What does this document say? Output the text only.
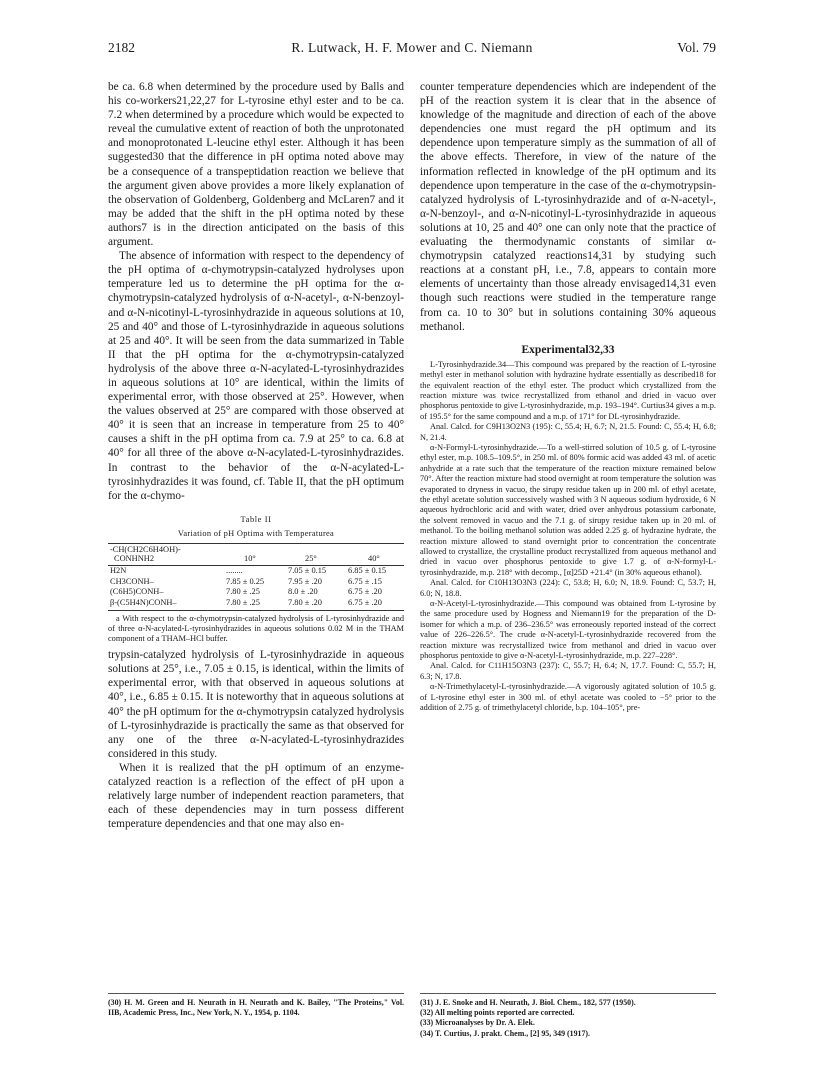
2182	R. Lutwack, H. F. Mower and C. Niemann	Vol. 79

be ca. 6.8 when determined by the procedure used by Balls and his co-workers21,22,27 for L-tyrosine ethyl ester and to be ca. 7.2 when determined by a procedure which would be expected to reveal the cumulative extent of reaction of both the unprotonated and monoprotonated L-leucine ethyl ester. Although it has been suggested30 that the difference in pH optima noted above may be a consequence of a transpeptidation reaction we believe that the argument given above provides a more likely explanation of the observation of Goldenberg, Goldenberg and McLaren7 and it may be added that the shift in the pH optima noted by these authors7 is in the direction anticipated on the basis of this argument.

The absence of information with respect to the dependency of the pH optima of α-chymotrypsin-catalyzed hydrolyses upon temperature led us to determine the pH optima for the α-chymotrypsin-catalyzed hydrolysis of α-N-acetyl-, α-N-benzoyl- and α-N-nicotinyl-L-tyrosinhydrazide in aqueous solutions at 10, 25 and 40° and those of L-tyrosinhydrazide in aqueous solutions at 25 and 40°. It will be seen from the data summarized in Table II that the pH optima for the α-chymotrypsin-catalyzed hydrolysis of the above three α-N-acylated-L-tyrosinhydrazides in aqueous solutions at 10° are identical, within the limits of experimental error, with those observed at 25°. However, when the values observed at 25° are compared with those observed at 40° it is seen that an increase in temperature from 25 to 40° causes a shift in the pH optima from ca. 7.9 at 25° to ca. 6.8 at 40° for all three of the above α-N-acylated-L-tyrosinhydrazides. In contrast to the behavior of the α-N-acylated-L-tyrosinhydrazides it was found, cf. Table II, that the pH optimum for the α-chymo-

Table II
Variation of pH Optima with Temperaturea
-CH(CH2C6H4OH)-
CONHNH2	10°	25°	40°
H2N	........	7.05 ± 0.15	6.85 ± 0.15
CH3CONH–	7.85 ± 0.25	7.95 ± .20	6.75 ± .15
(C6H5)CONH–	7.80 ± .25	8.0 ± .20	6.75 ± .20
β-(C5H4N)CONH–	7.80 ± .25	7.80 ± .20	6.75 ± .20

a With respect to the α-chymotrypsin-catalyzed hydrolysis of L-tyrosinhydrazide and of three α-N-acylated-L-tyrosinhydrazides in aqueous solutions 0.02 M in the THAM component of a THAM–HCl buffer.

trypsin-catalyzed hydrolysis of L-tyrosinhydrazide in aqueous solutions at 25°, i.e., 7.05 ± 0.15, is identical, within the limits of experimental error, with that observed in aqueous solutions at 40°, i.e., 6.85 ± 0.15. It is noteworthy that in aqueous solutions at 40° the pH optimum for the α-chymotrypsin catalyzed hydrolysis of L-tyrosinhydrazide is practically the same as that observed for any one of the three α-N-acylated-L-tyrosinhydrazides considered in this study.

When it is realized that the pH optimum of an enzyme-catalyzed reaction is a reflection of the effect of pH upon a relatively large number of independent reaction parameters, that each of these dependencies may in turn possess different temperature dependencies and that one may also en-

counter temperature dependencies which are independent of the pH of the reaction system it is clear that in the absence of knowledge of the magnitude and direction of each of the above dependencies one must regard the pH optimum and its dependence upon temperature simply as the summation of all of the above effects. Therefore, in view of the nature of the information reflected in knowledge of the pH optimum and its dependence upon temperature in the case of the α-chymotrypsin-catalyzed hydrolysis of L-tyrosinhydrazide and of α-N-acetyl-, α-N-benzoyl-, and α-N-nicotinyl-L-tyrosinhydrazide in aqueous solutions at 10, 25 and 40° one can only note that the practice of evaluating the thermodynamic constants of similar α-chymotrypsin catalyzed reactions14,31 by studying such reactions at a constant pH, i.e., 7.8, appears to contain more elements of uncertainty than those already envisaged14,31 even though such reactions were studied in the temperature range from ca. 10 to 30° but in solutions containing 30% aqueous methanol.

Experimental32,33

L-Tyrosinhydrazide.34—This compound was prepared by the reaction of L-tyrosine methyl ester in methanol solution with hydrazine hydrate essentially as described18 for the equivalent reaction of the ethyl ester. The product which crystallized from the reaction mixture was twice recrystallized from ethanol and dried in vacuo over phosphorus pentoxide to give L-tyrosinhydrazide, m.p. 193–194°. Curtius34 gives a m.p. of 195.5° for the same compound and a m.p. of 171° for DL-tyrosinhydrazide.

Anal. Calcd. for C9H13O2N3 (195): C, 55.4; H, 6.7; N, 21.5. Found: C, 55.4; H, 6.8; N, 21.4.

α-N-Formyl-L-tyrosinhydrazide.—To a well-stirred solution of 10.5 g. of L-tyrosine ethyl ester, m.p. 108.5–109.5°, in 250 ml. of 80% formic acid was added 43 ml. of acetic anhydride at a rate such that the temperature of the reaction mixture remained below 70°. After the reaction mixture had stood overnight at room temperature the solution was evaporated to dryness in vacuo, the sirupy residue taken up in 200 ml. of ethyl acetate, the ethyl acetate solution successively washed with 3 N aqueous sodium hydroxide, 6 N aqueous hydrochloric acid and with water, dried over anhydrous potassium carbonate, the solvent removed in vacuo and the 7.1 g. of sirupy residue taken up in 20 ml. of methanol. To the boiling methanol solution was added 2.25 g. of hydrazine hydrate, the reaction mixture allowed to stand overnight prior to concentration the concentrate allowed to crystallize, the crystalline product recrystallized from aqueous methanol and dried in vacuo over phosphorus pentoxide to give 1.7 g. of α-N-formyl-L-tyrosinhydrazide, m.p. 218° with decomp., [α]25D +21.4° (in 30% aqueous ethanol).

Anal. Calcd. for C10H13O3N3 (224): C, 53.8; H, 6.0; N, 18.9. Found: C, 53.7; H, 6.0; N, 18.8.

α-N-Acetyl-L-tyrosinhydrazide.—This compound was obtained from L-tyrosine by the same procedure used by Hogness and Niemann19 for the preparation of the D-isomer for which a m.p. of 236–236.5° was erroneously reported instead of the correct value of 226–226.5°. The crude α-N-acetyl-L-tyrosinhydrazide recovered from the reaction mixture was recrystallized twice from methanol and dried in vacuo over phosphorus pentoxide to give α-N-acetyl-L-tyrosinhydrazide, m.p. 227–228°.

Anal. Calcd. for C11H15O3N3 (237): C, 55.7; H, 6.4; N, 17.7. Found: C, 55.7; H, 6.3; N, 17.8.

α-N-Trimethylacetyl-L-tyrosinhydrazide.—A vigorously agitated solution of 10.5 g. of L-tyrosine ethyl ester in 300 ml. of ethyl acetate was cooled to −5° prior to the addition of 2.75 g. of trimethylacetyl chloride, b.p. 104–105°, pre-

(30) H. M. Green and H. Neurath in H. Neurath and K. Bailey, "The Proteins," Vol. IIB, Academic Press, Inc., New York, N. Y., 1954, p. 1104.

(31) J. E. Snoke and H. Neurath, J. Biol. Chem., 182, 577 (1950).

(32) All melting points reported are corrected.

(33) Microanalyses by Dr. A. Elek.

(34) T. Curtius, J. prakt. Chem., [2] 95, 349 (1917).
